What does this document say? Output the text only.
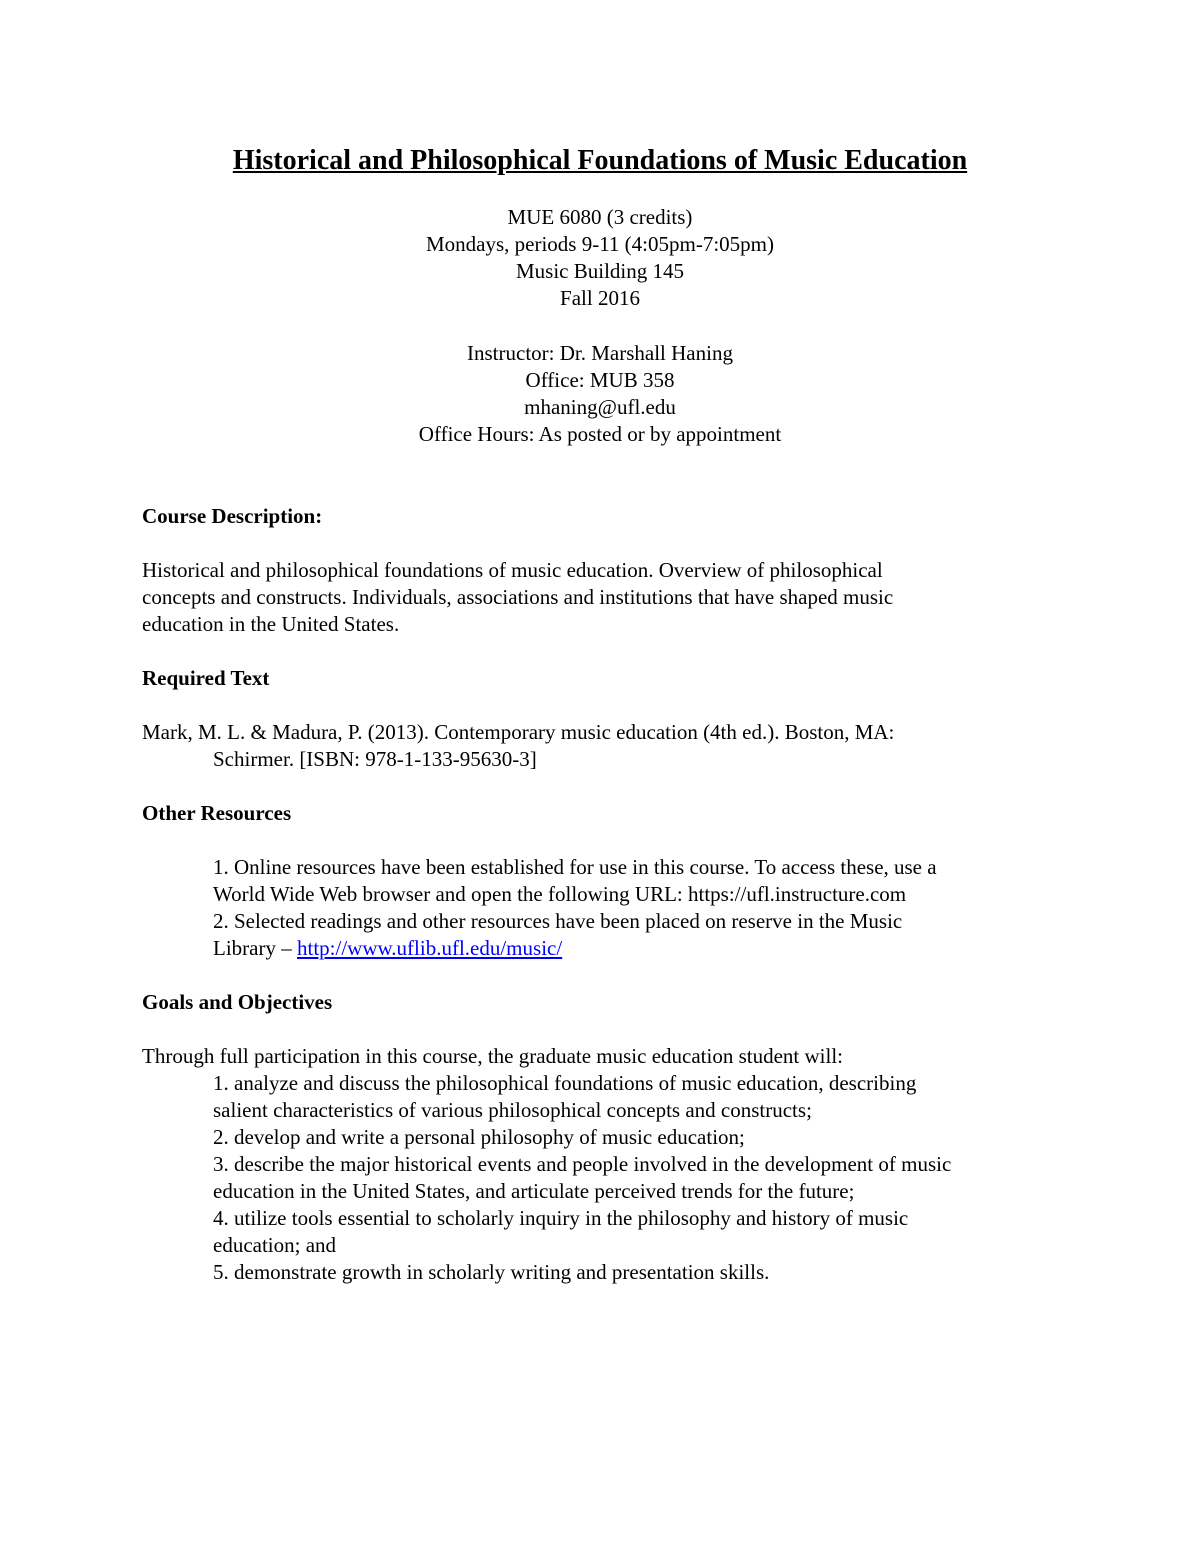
Historical and Philosophical Foundations of Music Education
MUE 6080 (3 credits)
Mondays, periods 9-11 (4:05pm-7:05pm)
Music Building 145
Fall 2016
Instructor: Dr. Marshall Haning
Office: MUB 358
mhaning@ufl.edu
Office Hours: As posted or by appointment
Course Description:
Historical and philosophical foundations of music education. Overview of philosophical
concepts and constructs. Individuals, associations and institutions that have shaped music
education in the United States.
Required Text
Mark, M. L. & Madura, P. (2013). Contemporary music education (4th ed.). Boston, MA:
Schirmer. [ISBN: 978-1-133-95630-3]
Other Resources
1. Online resources have been established for use in this course. To access these, use a
World Wide Web browser and open the following URL: https://ufl.instructure.com
2. Selected readings and other resources have been placed on reserve in the Music
Library – http://www.uflib.ufl.edu/music/
Goals and Objectives
Through full participation in this course, the graduate music education student will:
1. analyze and discuss the philosophical foundations of music education, describing
salient characteristics of various philosophical concepts and constructs;
2. develop and write a personal philosophy of music education;
3. describe the major historical events and people involved in the development of music
education in the United States, and articulate perceived trends for the future;
4. utilize tools essential to scholarly inquiry in the philosophy and history of music
education; and
5. demonstrate growth in scholarly writing and presentation skills.
